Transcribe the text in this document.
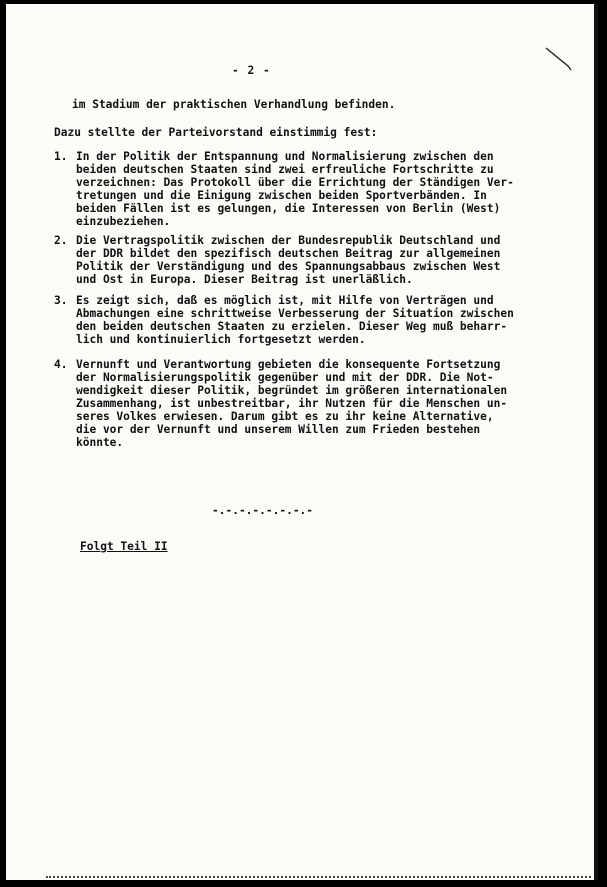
- 2 -
im Stadium der praktischen Verhandlung befinden.
Dazu stellte der Parteivorstand einstimmig fest:
1. In der Politik der Entspannung und Normalisierung zwischen den
beiden deutschen Staaten sind zwei erfreuliche Fortschritte zu
verzeichnen: Das Protokoll über die Errichtung der Ständigen Ver-
tretungen und die Einigung zwischen beiden Sportverbänden. In
beiden Fällen ist es gelungen, die Interessen von Berlin (West)
einzubeziehen.
2. Die Vertragspolitik zwischen der Bundesrepublik Deutschland und
der DDR bildet den spezifisch deutschen Beitrag zur allgemeinen
Politik der Verständigung und des Spannungsabbaus zwischen West
und Ost in Europa. Dieser Beitrag ist unerläßlich.
3. Es zeigt sich, daß es möglich ist, mit Hilfe von Verträgen und
Abmachungen eine schrittweise Verbesserung der Situation zwischen
den beiden deutschen Staaten zu erzielen. Dieser Weg muß beharr-
lich und kontinuierlich fortgesetzt werden.
4. Vernunft und Verantwortung gebieten die konsequente Fortsetzung
der Normalisierungspolitik gegenüber und mit der DDR. Die Not-
wendigkeit dieser Politik, begründet im größeren internationalen
Zusammenhang, ist unbestreitbar, ihr Nutzen für die Menschen un-
seres Volkes erwiesen. Darum gibt es zu ihr keine Alternative,
die vor der Vernunft und unserem Willen zum Frieden bestehen
könnte.
-.-.-.-.-.-.-.-
Folgt Teil II
